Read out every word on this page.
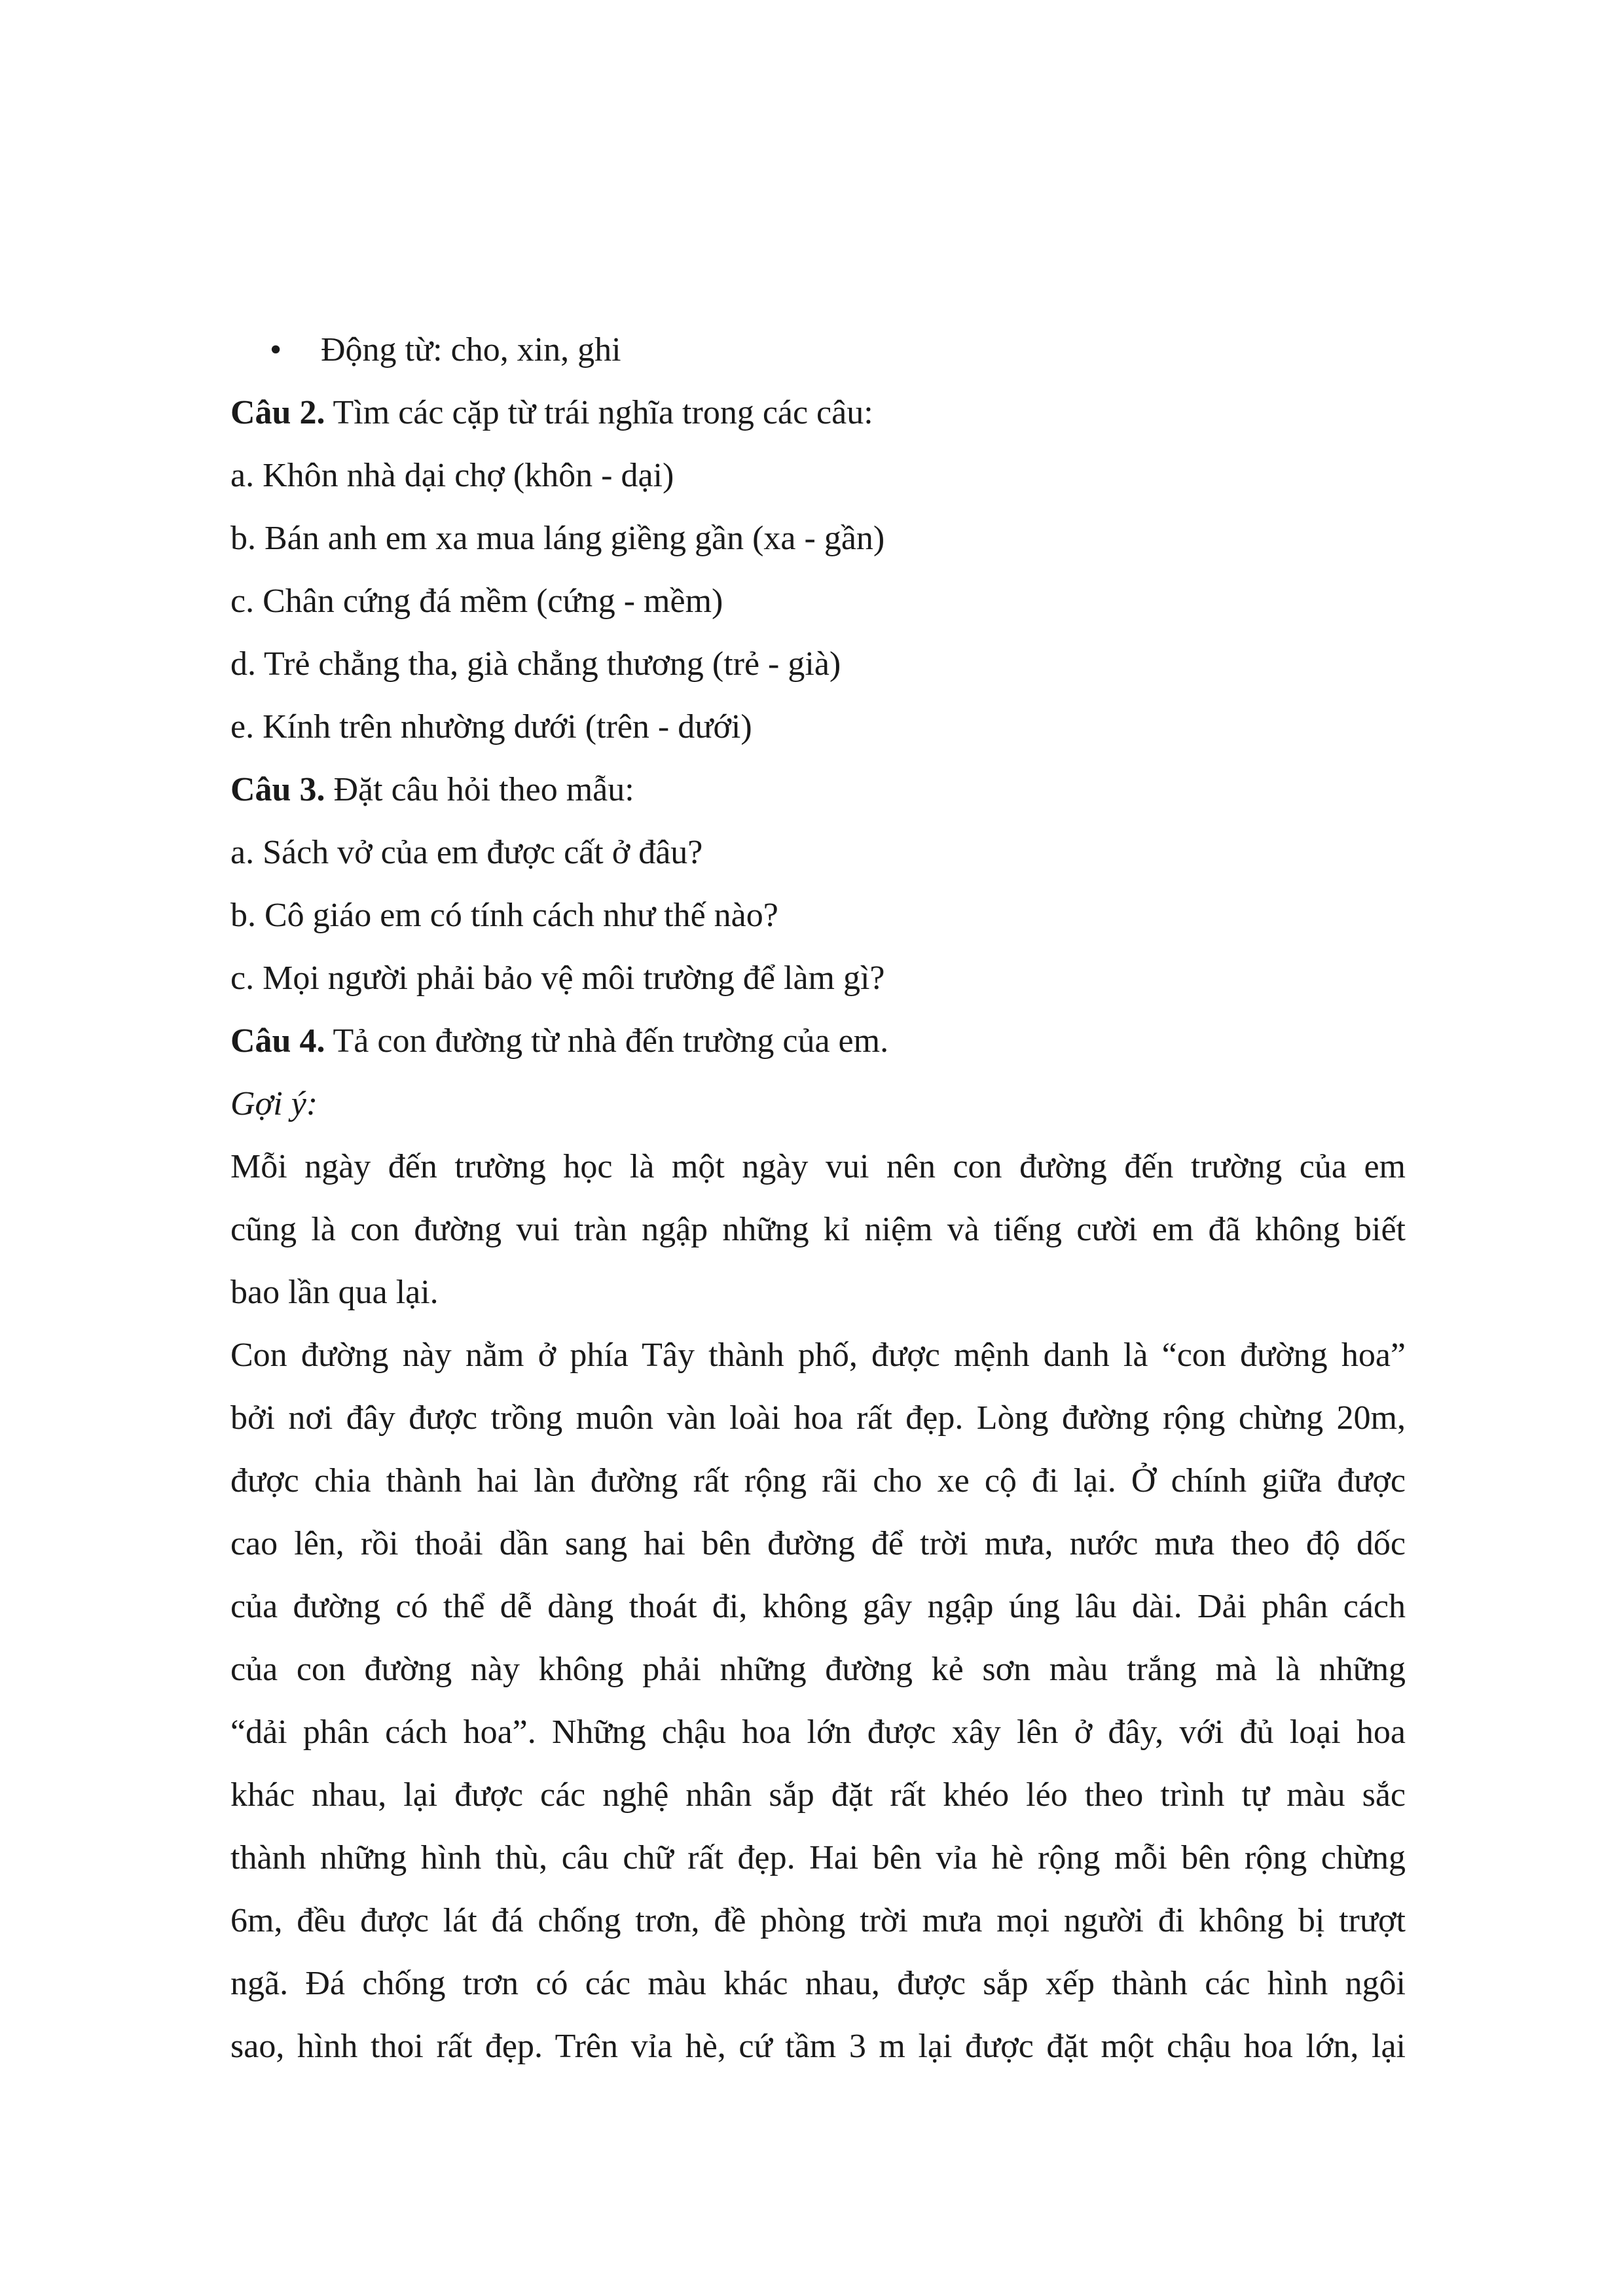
• Động từ: cho, xin, ghi
Câu 2. Tìm các cặp từ trái nghĩa trong các câu:
a. Khôn nhà dại chợ (khôn - dại)
b. Bán anh em xa mua láng giềng gần (xa - gần)
c. Chân cứng đá mềm (cứng - mềm)
d. Trẻ chẳng tha, già chẳng thương (trẻ - già)
e. Kính trên nhường dưới (trên - dưới)
Câu 3. Đặt câu hỏi theo mẫu:
a. Sách vở của em được cất ở đâu?
b. Cô giáo em có tính cách như thế nào?
c. Mọi người phải bảo vệ môi trường để làm gì?
Câu 4. Tả con đường từ nhà đến trường của em.
Gợi ý:
Mỗi ngày đến trường học là một ngày vui nên con đường đến trường của em
cũng là con đường vui tràn ngập những kỉ niệm và tiếng cười em đã không biết
bao lần qua lại.
Con đường này nằm ở phía Tây thành phố, được mệnh danh là “con đường hoa”
bởi nơi đây được trồng muôn vàn loài hoa rất đẹp. Lòng đường rộng chừng 20m,
được chia thành hai làn đường rất rộng rãi cho xe cộ đi lại. Ở chính giữa được
cao lên, rồi thoải dần sang hai bên đường để trời mưa, nước mưa theo độ dốc
của đường có thể dễ dàng thoát đi, không gây ngập úng lâu dài. Dải phân cách
của con đường này không phải những đường kẻ sơn màu trắng mà là những
“dải phân cách hoa”. Những chậu hoa lớn được xây lên ở đây, với đủ loại hoa
khác nhau, lại được các nghệ nhân sắp đặt rất khéo léo theo trình tự màu sắc
thành những hình thù, câu chữ rất đẹp. Hai bên vỉa hè rộng mỗi bên rộng chừng
6m, đều được lát đá chống trơn, đề phòng trời mưa mọi người đi không bị trượt
ngã. Đá chống trơn có các màu khác nhau, được sắp xếp thành các hình ngôi
sao, hình thoi rất đẹp. Trên vỉa hè, cứ tầm 3 m lại được đặt một chậu hoa lớn, lại
